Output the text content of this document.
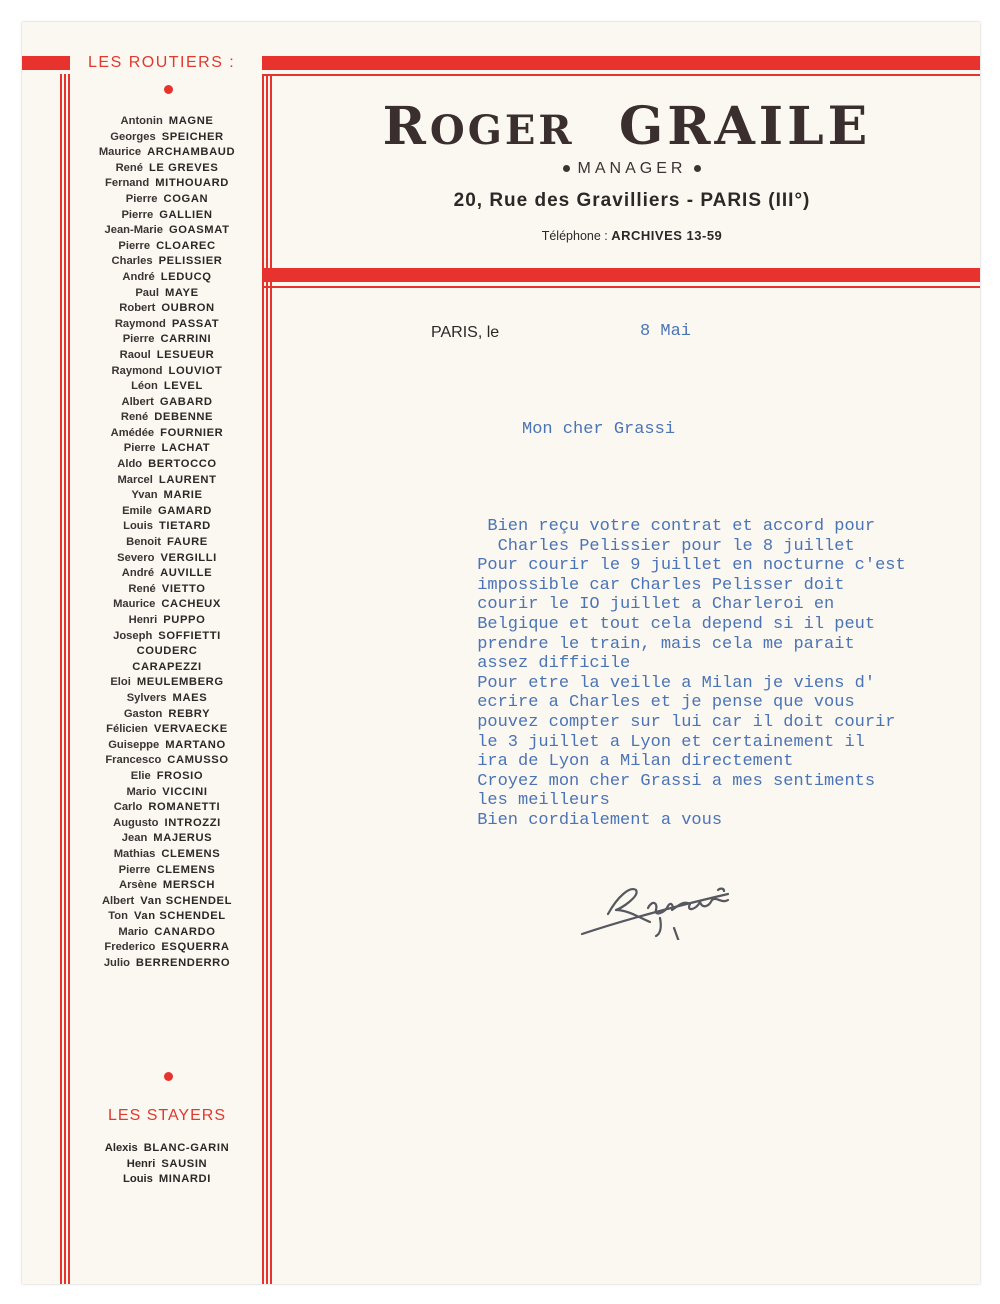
LES ROUTIERS :
Antonin MAGNE
Georges SPEICHER
Maurice ARCHAMBAUD
René LE GREVES
Fernand MITHOUARD
Pierre COGAN
Pierre GALLIEN
Jean-Marie GOASMAT
Pierre CLOAREC
Charles PELISSIER
André LEDUCQ
Paul MAYE
Robert OUBRON
Raymond PASSAT
Pierre CARRINI
Raoul LESUEUR
Raymond LOUVIOT
Léon LEVEL
Albert GABARD
René DEBENNE
Amédée FOURNIER
Pierre LACHAT
Aldo BERTOCCO
Marcel LAURENT
Yvan MARIE
Emile GAMARD
Louis TIETARD
Benoit FAURE
Severo VERGILLI
André AUVILLE
René VIETTO
Maurice CACHEUX
Henri PUPPO
Joseph SOFFIETTI
COUDERC
CARAPEZZI
Eloi MEULEMBERG
Sylvers MAES
Gaston REBRY
Félicien VERVAECKE
Guiseppe MARTANO
Francesco CAMUSSO
Elie FROSIO
Mario VICCINI
Carlo ROMANETTI
Augusto INTROZZI
Jean MAJERUS
Mathias CLEMENS
Pierre CLEMENS
Arsène MERSCH
Albert Van SCHENDEL
Ton Van SCHENDEL
Mario CANARDO
Frederico ESQUERRA
Julio BERRENDERRO
LES STAYERS
Alexis BLANC-GARIN
Henri SAUSIN
Louis MINARDI
ROGER GRAILE
MANAGER
20, Rue des Gravilliers - PARIS (III°)
Téléphone : ARCHIVES 13-59
PARIS, le	8 Mai
Mon cher Grassi
Bien reçu votre contrat et accord pour
Charles Pelissier pour le 8 juillet
Pour courir le 9 juillet en nocturne c'est
impossible car Charles Pelisser doit
courir le IO juillet a Charleroi en
Belgique et tout cela depend si il peut
prendre le train, mais cela me parait
assez difficile
Pour etre la veille a Milan je viens d'
ecrire a Charles et je pense que vous
pouvez compter sur lui car il doit courir
le 3 juillet a Lyon et certainement il
ira de Lyon a Milan directement
Croyez mon cher Grassi a mes sentiments
les meilleurs
Bien cordialement a vous
